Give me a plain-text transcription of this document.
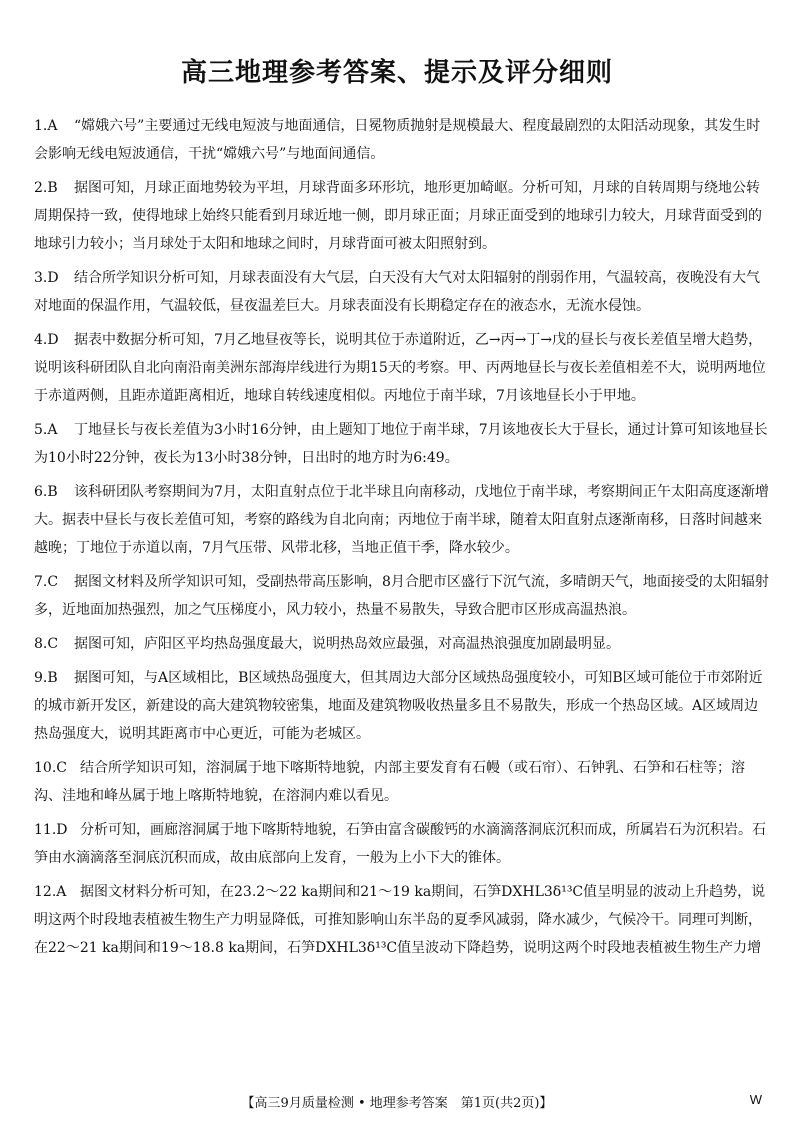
高三地理参考答案、提示及评分细则
1.A “嫦娥六号”主要通过无线电短波与地面通信，日冕物质抛射是规模最大、程度最剧烈的太阳活动现象，其发生时会影响无线电短波通信，干扰“嫦娥六号”与地面间通信。
2.B 据图可知，月球正面地势较为平坦，月球背面多环形坑，地形更加崎岖。分析可知，月球的自转周期与绕地公转周期保持一致，使得地球上始终只能看到月球近地一侧，即月球正面；月球正面受到的地球引力较大，月球背面受到的地球引力较小；当月球处于太阳和地球之间时，月球背面可被太阳照射到。
3.D 结合所学知识分析可知，月球表面没有大气层，白天没有大气对太阳辐射的削弱作用，气温较高，夜晚没有大气对地面的保温作用，气温较低，昼夜温差巨大。月球表面没有长期稳定存在的液态水，无流水侵蚀。
4.D 据表中数据分析可知，7月乙地昼夜等长，说明其位于赤道附近，乙→丙→丁→戊的昼长与夜长差值呈增大趋势，说明该科研团队自北向南沿南美洲东部海岸线进行为期15天的考察。甲、丙两地昼长与夜长差值相差不大，说明两地位于赤道两侧，且距赤道距离相近，地球自转线速度相似。丙地位于南半球，7月该地昼长小于甲地。
5.A 丁地昼长与夜长差值为3小时16分钟，由上题知丁地位于南半球，7月该地夜长大于昼长，通过计算可知该地昼长为10小时22分钟，夜长为13小时38分钟，日出时的地方时为6:49。
6.B 该科研团队考察期间为7月，太阳直射点位于北半球且向南移动，戊地位于南半球，考察期间正午太阳高度逐渐增大。据表中昼长与夜长差值可知，考察的路线为自北向南；丙地位于南半球，随着太阳直射点逐渐南移，日落时间越来越晚；丁地位于赤道以南，7月气压带、风带北移，当地正值干季，降水较少。
7.C 据图文材料及所学知识可知，受副热带高压影响，8月合肥市区盛行下沉气流，多晴朗天气，地面接受的太阳辐射多，近地面加热强烈，加之气压梯度小，风力较小，热量不易散失，导致合肥市区形成高温热浪。
8.C 据图可知，庐阳区平均热岛强度最大，说明热岛效应最强，对高温热浪强度加剧最明显。
9.B 据图可知，与A区域相比，B区域热岛强度大，但其周边大部分区域热岛强度较小，可知B区域可能位于市郊附近的城市新开发区，新建设的高大建筑物较密集，地面及建筑物吸收热量多且不易散失，形成一个热岛区域。A区域周边热岛强度大，说明其距离市中心更近，可能为老城区。
10.C 结合所学知识可知，溶洞属于地下喀斯特地貌，内部主要发育有石幔（或石帘）、石钟乳、石笋和石柱等；溶沟、洼地和峰丛属于地上喀斯特地貌，在溶洞内难以看见。
11.D 分析可知，画廊溶洞属于地下喀斯特地貌，石笋由富含碳酸钙的水滴滴落洞底沉积而成，所属岩石为沉积岩。石笋由水滴滴落至洞底沉积而成，故由底部向上发育，一般为上小下大的锥体。
12.A 据图文材料分析可知，在23.2～22 ka期间和21～19 ka期间，石笋DXHL3δ¹³C值呈明显的波动上升趋势，说明这两个时段地表植被生物生产力明显降低，可推知影响山东半岛的夏季风减弱，降水减少，气候冷干。同理可判断，在22～21 ka期间和19～18.8 ka期间，石笋DXHL3δ¹³C值呈波动下降趋势，说明这两个时段地表植被生物生产力增
【高三9月质量检测 • 地理参考答案　第1页(共2页)】	W
